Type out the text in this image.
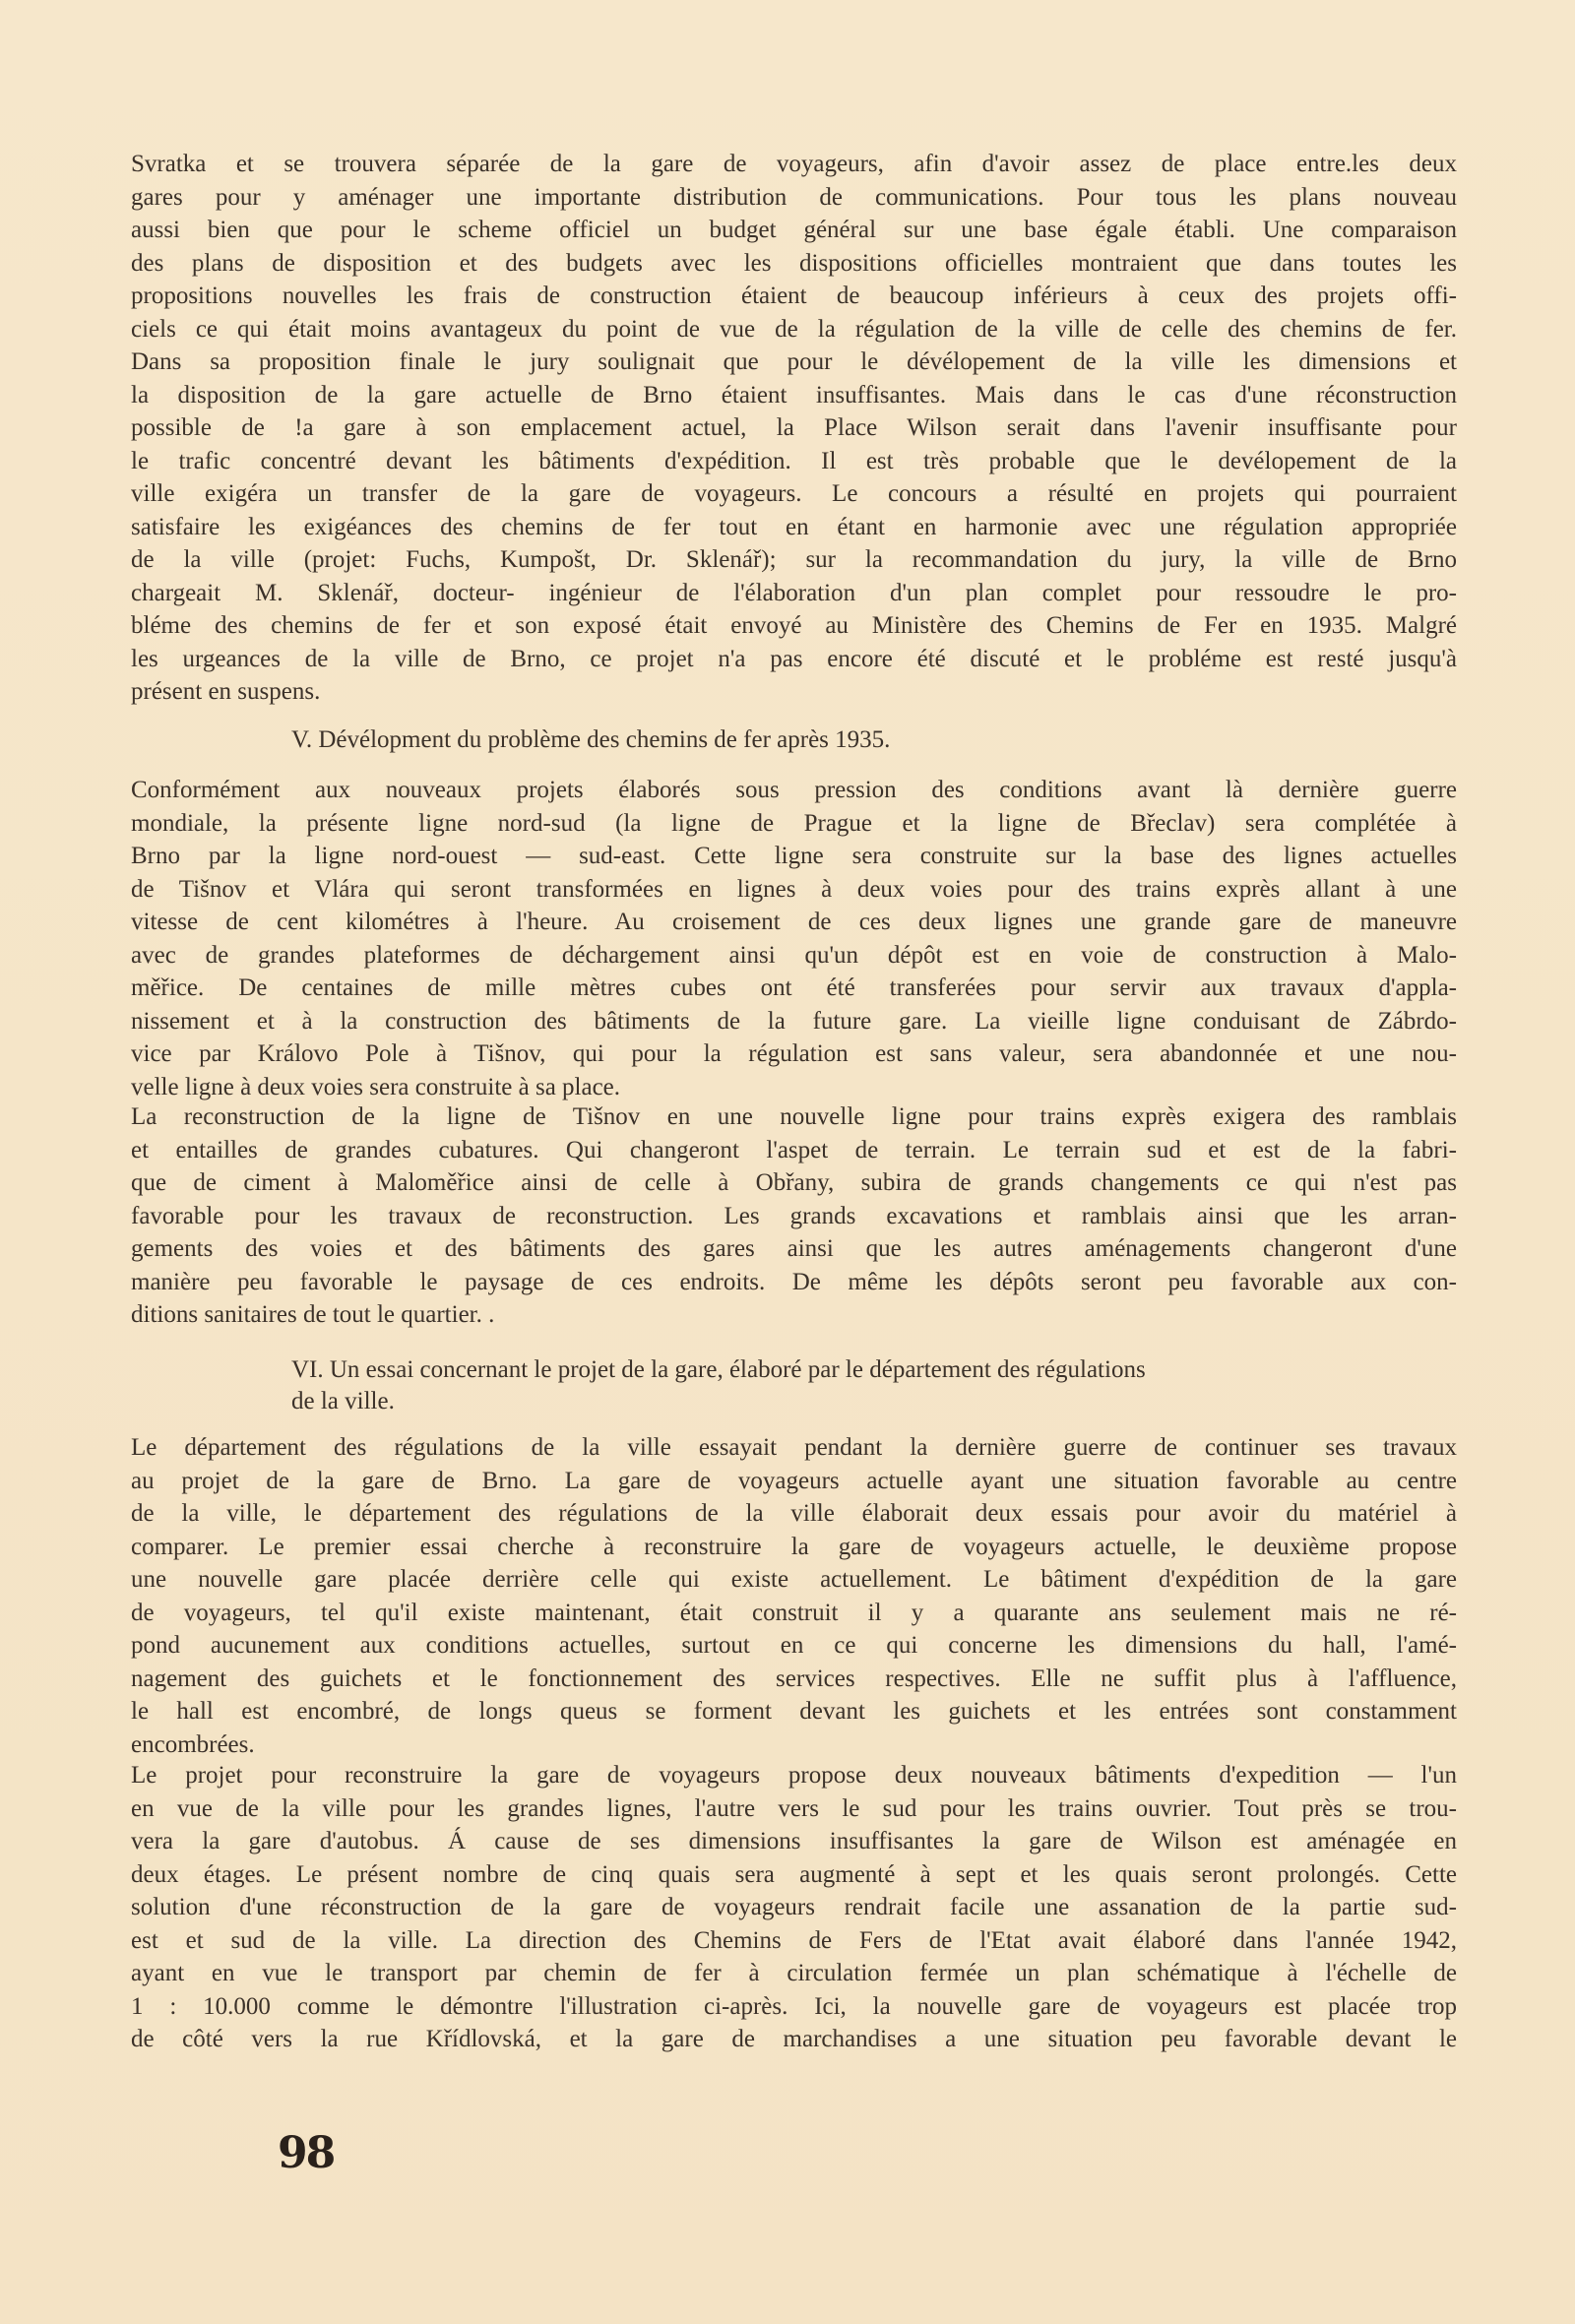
Svratka et se trouvera séparée de la gare de voyageurs, afin d'avoir assez de place entre.les deux
gares pour y aménager une importante distribution de communications. Pour tous les plans nouveau
aussi bien que pour le scheme officiel un budget général sur une base égale établi. Une comparaison
des plans de disposition et des budgets avec les dispositions officielles montraient que dans toutes les
propositions nouvelles les frais de construction étaient de beaucoup inférieurs à ceux des projets offi-
ciels ce qui était moins avantageux du point de vue de la régulation de la ville de celle des chemins de fer.
Dans sa proposition finale le jury soulignait que pour le dévélopement de la ville les dimensions et
la disposition de la gare actuelle de Brno étaient insuffisantes. Mais dans le cas d'une réconstruction
possible de !a gare à son emplacement actuel, la Place Wilson serait dans l'avenir insuffisante pour
le trafic concentré devant les bâtiments d'expédition. Il est très probable que le devélopement de la
ville exigéra un transfer de la gare de voyageurs. Le concours a résulté en projets qui pourraient
satisfaire les exigéances des chemins de fer tout en étant en harmonie avec une régulation appropriée
de la ville (projet: Fuchs, Kumpošt, Dr. Sklenář); sur la recommandation du jury, la ville de Brno
chargeait M. Sklenář, docteur- ingénieur de l'élaboration d'un plan complet pour ressoudre le pro-
bléme des chemins de fer et son exposé était envoyé au Ministère des Chemins de Fer en 1935. Malgré
les urgeances de la ville de Brno, ce projet n'a pas encore été discuté et le probléme est resté jusqu'à
présent en suspens.
V. Dévélopment du problème des chemins de fer après 1935.
Conformément aux nouveaux projets élaborés sous pression des conditions avant là dernière guerre
mondiale, la présente ligne nord-sud (la ligne de Prague et la ligne de Břeclav) sera complétée à
Brno par la ligne nord-ouest — sud-east. Cette ligne sera construite sur la base des lignes actuelles
de Tišnov et Vlára qui seront transformées en lignes à deux voies pour des trains exprès allant à une
vitesse de cent kilométres à l'heure. Au croisement de ces deux lignes une grande gare de maneuvre
avec de grandes plateformes de déchargement ainsi qu'un dépôt est en voie de construction à Malo-
měřice. De centaines de mille mètres cubes ont été transferées pour servir aux travaux d'appla-
nissement et à la construction des bâtiments de la future gare. La vieille ligne conduisant de Zábrdo-
vice par Královo Pole à Tišnov, qui pour la régulation est sans valeur, sera abandonnée et une nou-
velle ligne à deux voies sera construite à sa place.
La reconstruction de la ligne de Tišnov en une nouvelle ligne pour trains exprès exigera des ramblais
et entailles de grandes cubatures. Qui changeront l'aspet de terrain. Le terrain sud et est de la fabri-
que de ciment à Maloměřice ainsi de celle à Obřany, subira de grands changements ce qui n'est pas
favorable pour les travaux de reconstruction. Les grands excavations et ramblais ainsi que les arran-
gements des voies et des bâtiments des gares ainsi que les autres aménagements changeront d'une
manière peu favorable le paysage de ces endroits. De même les dépôts seront peu favorable aux con-
ditions sanitaires de tout le quartier. .
VI. Un essai concernant le projet de la gare, élaboré par le département des régulations
de la ville.
Le département des régulations de la ville essayait pendant la dernière guerre de continuer ses travaux
au projet de la gare de Brno. La gare de voyageurs actuelle ayant une situation favorable au centre
de la ville, le département des régulations de la ville élaborait deux essais pour avoir du matériel à
comparer. Le premier essai cherche à reconstruire la gare de voyageurs actuelle, le deuxième propose
une nouvelle gare placée derrière celle qui existe actuellement. Le bâtiment d'expédition de la gare
de voyageurs, tel qu'il existe maintenant, était construit il y a quarante ans seulement mais ne ré-
pond aucunement aux conditions actuelles, surtout en ce qui concerne les dimensions du hall, l'amé-
nagement des guichets et le fonctionnement des services respectives. Elle ne suffit plus à l'affluence,
le hall est encombré, de longs queus se forment devant les guichets et les entrées sont constamment
encombrées.
Le projet pour reconstruire la gare de voyageurs propose deux nouveaux bâtiments d'expedition — l'un
en vue de la ville pour les grandes lignes, l'autre vers le sud pour les trains ouvrier. Tout près se trou-
vera la gare d'autobus. Á cause de ses dimensions insuffisantes la gare de Wilson est aménagée en
deux étages. Le présent nombre de cinq quais sera augmenté à sept et les quais seront prolongés. Cette
solution d'une réconstruction de la gare de voyageurs rendrait facile une assanation de la partie sud-
est et sud de la ville. La direction des Chemins de Fers de l'Etat avait élaboré dans l'année 1942,
ayant en vue le transport par chemin de fer à circulation fermée un plan schématique à l'échelle de
1 : 10.000 comme le démontre l'illustration ci-après. Ici, la nouvelle gare de voyageurs est placée trop
de côté vers la rue Křídlovská, et la gare de marchandises a une situation peu favorable devant le
98
